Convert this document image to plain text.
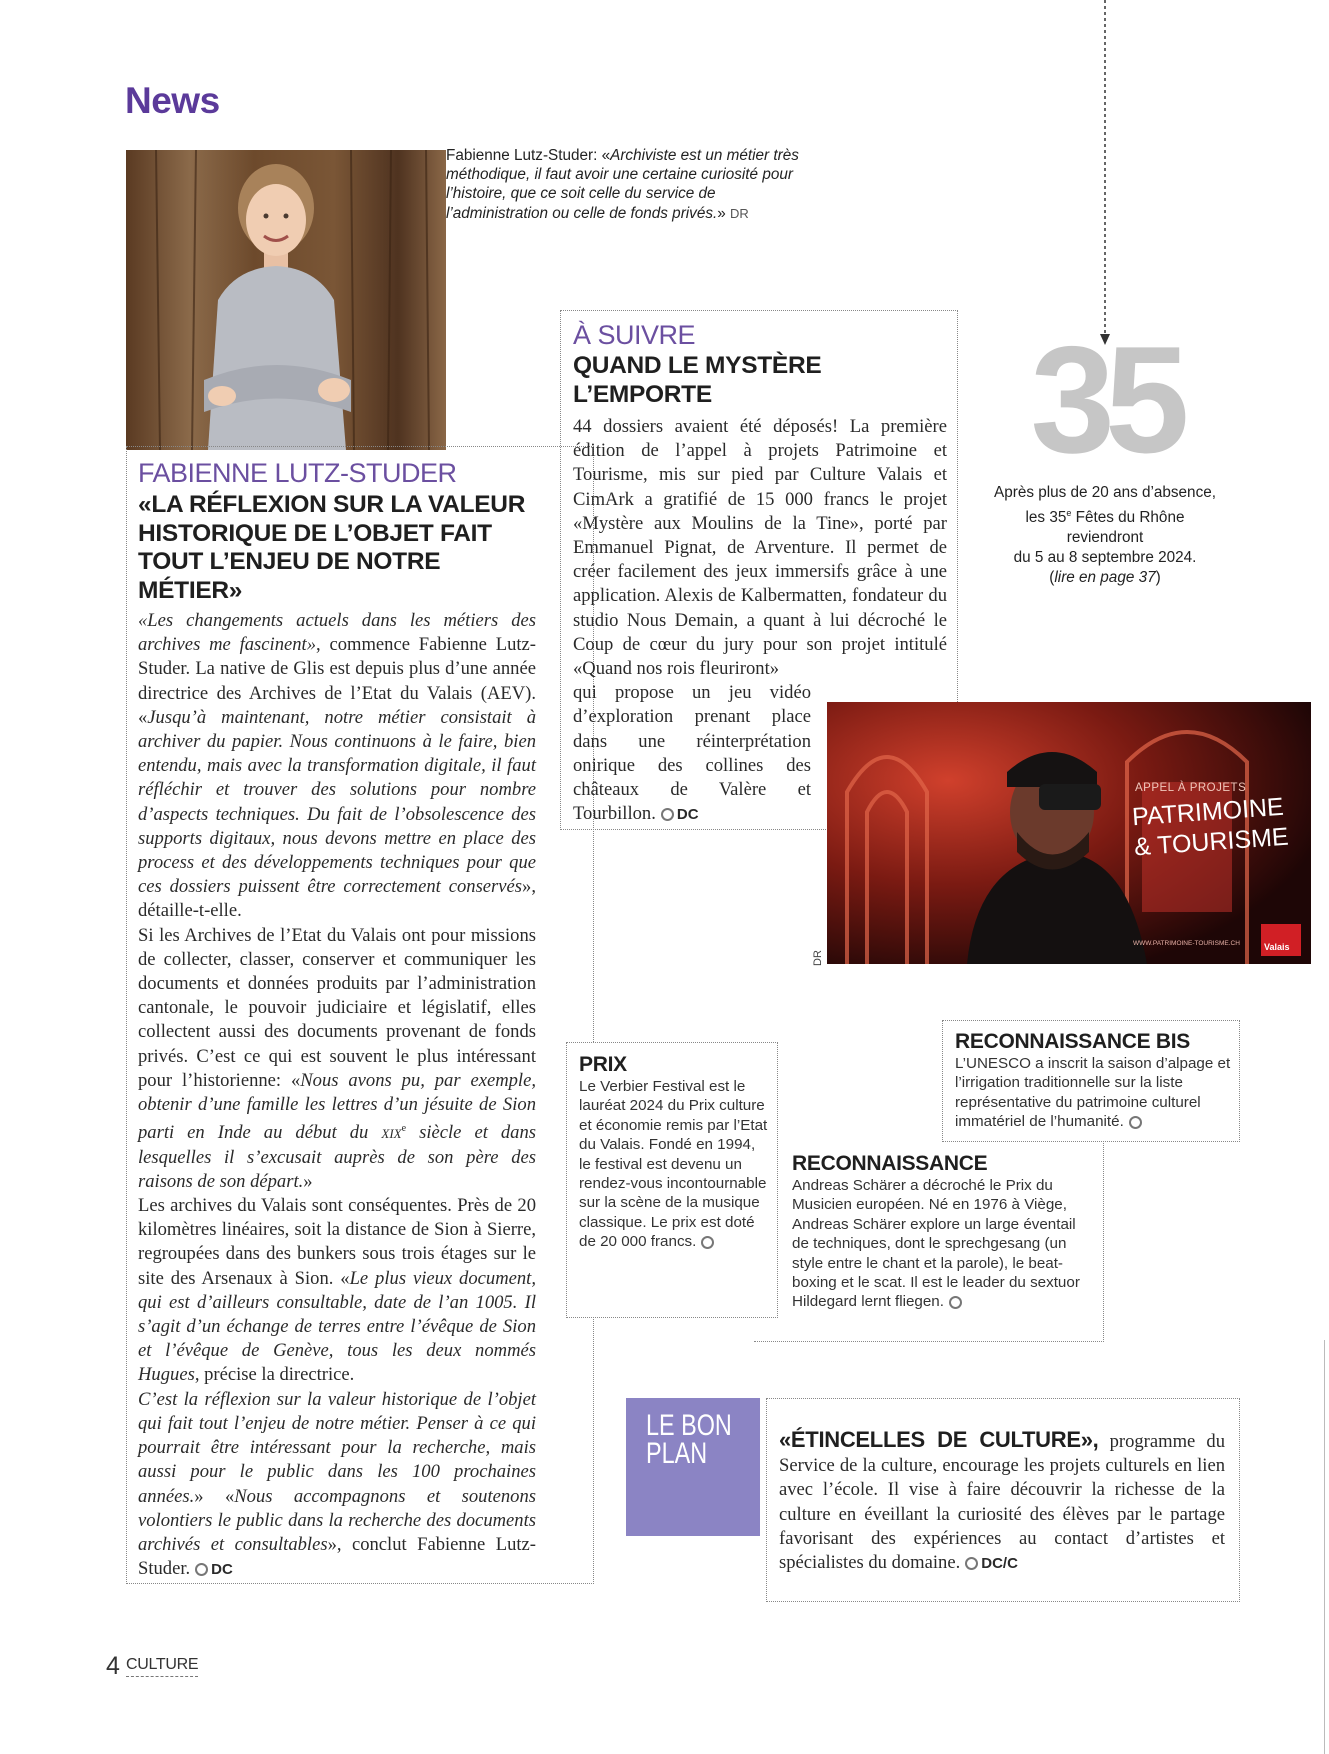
News
Fabienne Lutz-Studer: «Archiviste est un métier très méthodique, il faut avoir une certaine curiosité pour l’histoire, que ce soit celle du service de l’administration ou celle de fonds privés.» DR
FABIENNE LUTZ-STUDER
«LA RÉFLEXION SUR LA VALEUR HISTORIQUE DE L’OBJET FAIT TOUT L’ENJEU DE NOTRE MÉTIER»

«Les changements actuels dans les métiers des archives me fascinent», commence Fabienne Lutz-Studer. La native de Glis est depuis plus d’une année directrice des Archives de l’Etat du Valais (AEV). «Jusqu’à maintenant, notre métier consistait à archiver du papier. Nous continuons à le faire, bien entendu, mais avec la transformation digitale, il faut réfléchir et trouver des solutions pour nombre d’aspects techniques. Du fait de l’obsolescence des supports digitaux, nous devons mettre en place des process et des développements techniques pour que ces dossiers puissent être correctement conservés», détaille-t-elle.

Si les Archives de l’Etat du Valais ont pour missions de collecter, classer, conserver et communiquer les documents et données produits par l’administration cantonale, le pouvoir judiciaire et législatif, elles collectent aussi des documents provenant de fonds privés. C’est ce qui est souvent le plus intéressant pour l’historienne: «Nous avons pu, par exemple, obtenir d’une famille les lettres d’un jésuite de Sion parti en Inde au début du xix$^e$ siècle et dans lesquelles il s’excusait auprès de son père des raisons de son départ.»

Les archives du Valais sont conséquentes. Près de 20 kilomètres linéaires, soit la distance de Sion à Sierre, regroupées dans des bunkers sous trois étages sur le site des Arsenaux à Sion. «Le plus vieux document, qui est d’ailleurs consultable, date de l’an 1005. Il s’agit d’un échange de terres entre l’évêque de Sion et l’évêque de Genève, tous les deux nommés Hugues, précise la directrice.

C’est la réflexion sur la valeur historique de l’objet qui fait tout l’enjeu de notre métier. Penser à ce qui pourrait être intéressant pour la recherche, mais aussi pour le public dans les 100 prochaines années.» «Nous accompagnons et soutenons volontiers le public dans la recherche des documents archivés et consultables», conclut Fabienne Lutz-Studer. DC

À SUIVRE
QUAND LE MYSTÈRE L’EMPORTE
44 dossiers avaient été déposés! La première édition de l’appel à projets Patrimoine et Tourisme, mis sur pied par Culture Valais et CimArk a gratifié de 15 000 francs le projet «Mystère aux Moulins de la Tine», porté par Emmanuel Pignat, de Arventure. Il permet de créer facilement des jeux immersifs grâce à une application. Alexis de Kalbermatten, fondateur du studio Nous Demain, a quant à lui décroché le Coup de cœur du jury pour son projet intitulé «Quand nos rois fleuriront»
qui propose un jeu vidéo d’exploration prenant place dans une réinterprétation onirique des collines des châteaux de Valère et Tourbillon. DC
APPEL À PROJETS
PATRIMOINE
& TOURISME
WWW.PATRIMOINE-TOURISME.CH	Valais
DR
35
Après plus de 20 ans d’absence,
les 35e Fêtes du Rhône
reviendront
du 5 au 8 septembre 2024.
(lire en page 37)
PRIX
Le Verbier Festival est le lauréat 2024 du Prix culture et économie remis par l’Etat du Valais. Fondé en 1994, le festival est devenu un rendez-vous incontournable sur la scène de la musique classique. Le prix est doté de 20 000 francs.
RECONNAISSANCE
Andreas Schärer a décroché le Prix du Musicien européen. Né en 1976 à Viège, Andreas Schärer explore un large éventail de techniques, dont le sprechgesang (un style entre le chant et la parole), le beat-boxing et le scat. Il est le leader du sextuor Hildegard lernt fliegen.
RECONNAISSANCE BIS
L’UNESCO a inscrit la saison d’alpage et l’irrigation traditionnelle sur la liste représentative du patrimoine culturel immatériel de l’humanité.
LE BON
PLAN	«ÉTINCELLES DE CULTURE», programme du Service de la culture, encourage les projets culturels en lien avec l’école. Il vise à faire découvrir la richesse de la culture en éveillant la curiosité des élèves par le partage favorisant des expériences au contact d’artistes et spécialistes du domaine. DC/C
4 CULTURE
